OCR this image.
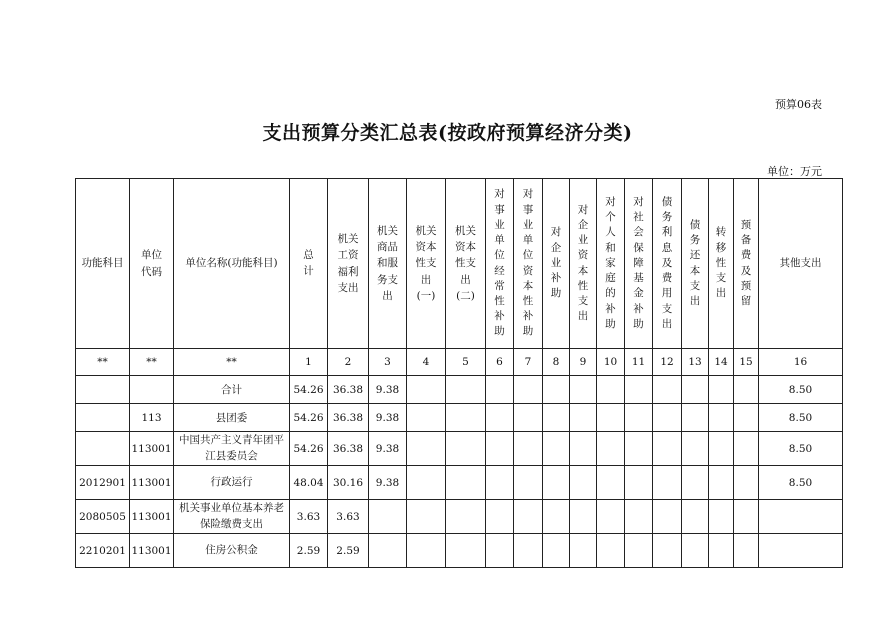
预算06表
支出预算分类汇总表(按政府预算经济分类)
单位：万元
功能科目	单位代码	单位名称(功能科目)	总计	机关工资福利支出	机关商品和服务支出	机关资本性支出(一)	机关资本性支出(二)	对事业单位经常性补助	对事业单位资本性补助	对企业补助	对企业资本性支出	对个人和家庭的补助	对社会保障基金补助	债务利息及费用支出	债务还本支出	转移性支出	预备费及预留	其他支出
**	**	**	1	2	3	4	5	6	7	8	9	10	11	12	13	14	15	16
		合计	54.26	36.38	9.38													8.50
	113	县团委	54.26	36.38	9.38													8.50
	113001	中国共产主义青年团平江县委员会	54.26	36.38	9.38													8.50
2012901	113001	行政运行	48.04	30.16	9.38													8.50
2080505	113001	机关事业单位基本养老保险缴费支出	3.63	3.63														
2210201	113001	住房公积金	2.59	2.59														
